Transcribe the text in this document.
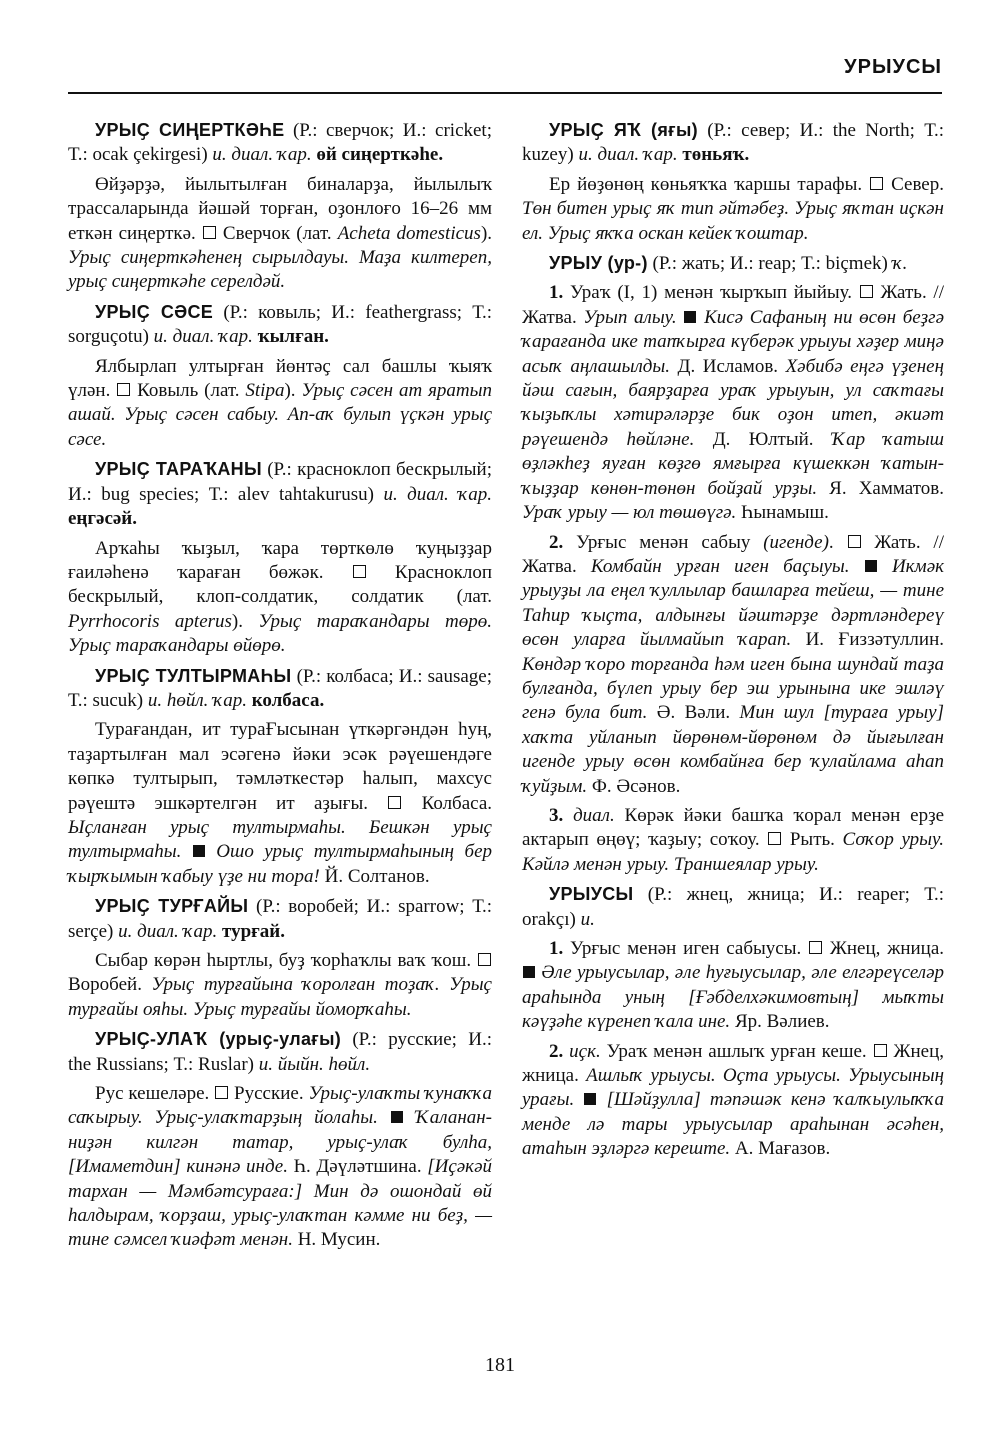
УРЫУСЫ

УРЫҪ СИҢЕРТКӘҺЕ (Р.: сверчок; И.: cricket; Т.: ocak çekirgesi) и. диал. ҡар. өй сиңерткәһе.

Өйҙәрҙә, йылытылған биналарҙа, йылылыҡ трассаларында йәшәй торған, оҙонлоғо 16–26 мм еткән сиңерткә.  Сверчок (лат. Acheta domesticus). Урыҫ сиңерткәһенең сырылдауы. Маҙа килтереп, урыҫ сиңерткәһе серелдәй.

УРЫҪ СӘСЕ (Р.: ковыль; И.: feathergrass; Т.: sorguçotu) и. диал. ҡар. ҡылған.

Ялбырлап ултырған йөнтәҫ сал башлы ҡыяҡ үлән.  Ковыль (лат. Stipa). Урыҫ сәсен ат яратып ашай. Урыҫ сәсен сабыу. Ап-аҡ булып үҫкән урыҫ сәсе.

УРЫҪ ТАРАҠАНЫ (Р.: красноклоп бескрылый; И.: bug species; Т.: alev tahtakurusu) и. диал. ҡар. еңгәсәй.

Арҡаһы ҡыҙыл, ҡара төрткөлө ҡуңыҙҙар ғаиләһенә ҡараған бөжәк.  Красноклоп бескрылый, клоп-солдатик, солдатик (лат. Pyrrhocoris apterus). Урыҫ тараҡандары төрө. Урыҫ тараҡандары өйөрө.

УРЫҪ ТУЛТЫРМАҺЫ (Р.: колбаса; И.: sausage; Т.: sucuk) и. һөйл. ҡар. колбаса.

Турағандан, ит тураҒысынан үткәргәндән һуң, таҙартылған мал эсәгенә йәки эсәк рәүешендәге көпкә тултырып, тәмләткестәр һалып, махсус рәүештә эшкәртелгән ит аҙығы.  Колбаса. Ыҫланған урыҫ тултырмаһы. Бешкән урыҫ тултырмаһы.  Ошо урыҫ тултырмаһының бер ҡырҡымын ҡабыу үҙе ни тора! Й. Солтанов.

УРЫҪ ТУРҒАЙЫ (Р.: воробей; И.: sparrow; Т.: serçe) и. диал. ҡар. турғай.

Сыбар көрән һыртлы, буҙ ҡорһаҡлы ваҡ ҡош.  Воробей. Урыҫ турғайына ҡоролған тоҙаҡ. Урыҫ турғайы ояһы. Урыҫ турғайы йоморҡаһы.

УРЫҪ-УЛАҠ (урыҫ-улағы) (Р.: русские; И.: the Russians; Т.: Ruslar) и. йыйн. һөйл.

Рус кешеләре.  Русские. Урыҫ-улаҡты ҡунаҡҡа саҡырыу. Урыҫ-улаҡтарҙың йолаһы.  Ҡаланан-ниҙән килгән татар, урыҫ-улаҡ булһа, [Имаметдин] кинәнә инде. Һ. Дәүләтшина. [Иҫәкәй тархан — Мәмбәтсураға:] Мин дә ошондай өй һалдырам, ҡорҙаш, урыҫ-улаҡтан кәмме ни беҙ, — тине сәмсел ҡиәфәт менән. Н. Мусин.

УРЫҪ ЯҠ (яғы) (Р.: север; И.: the North; Т.: kuzey) и. диал. ҡар. төньяҡ.

Ер йөҙөнөң көньяҡҡа ҡаршы тарафы.  Север. Төн битен урыҫ яҡ тип әйтәбеҙ. Урыҫ яҡтан иҫкән ел. Урыҫ яҡҡа оскан кейек ҡоштар.

УРЫУ (ур-) (Р.: жать; И.: reap; Т.: biçmek) ҡ.

1. Ураҡ (I, 1) менән ҡырҡып йыйыу.  Жать. // Жатва. Урып алыу.  Кисә Сафаның ни өсөн беҙгә ҡарағанда ике тапҡырға күберәк урыуы хәҙер миңә асыҡ аңлашылды. Д. Исламов. Хәбибә еңгә үҙенең йәш сағын, баярҙарға ураҡ урыуын, ул саҡтағы ҡыҙыҡлы хәтирәләрҙе бик оҙон итеп, әкиәт рәүешендә һөйләне. Д. Юлтый. Ҡар ҡатыш өҙләкһеҙ яуған көҙгө ямғырға күшеккән ҡатын-ҡыҙҙар көнөн-төнөн бойҙай урҙы. Я. Хамматов. Ураҡ урыу — юл төшөүгә. Һынамыш.

2. Урғыс менән сабыу (игенде).  Жать. // Жатва. Комбайн урған иген баҫыуы.  Икмәк урыуҙы ла еңел ҡуллылар башларға тейеш, — тине Таһир ҡыҫта, алдынғы йәштәрҙе дәртләндереү өсөн уларға йылмайып ҡарап. И. Ғиззәтуллин. Көндәр ҡоро торғанда һәм иген бына шундай таҙа булғанда, бүлеп урыу бер эш урынына ике эшләү генә була бит. Ә. Вәли. Мин шул [тураға урыу] хаҡта уйланып йөрөнөм-йөрөнөм дә йығылған игенде урыу өсөн комбайнға бер ҡулайлама аһап ҡуйҙым. Ф. Әсәнов.

3. диал. Көрәк йәки башҡа ҡорал менән ерҙе актарып өңөү; ҡаҙыу; соҡоу.  Рыть. Соҡор урыу. Кәйлә менән урыу. Траншеялар урыу.

УРЫУСЫ (Р.: жнец, жница; И.: reaper; Т.: orakçı) и.

1. Урғыс менән иген сабыусы.  Жнец, жница.  Әле урыусылар, әле һуғыусылар, әле елгәреүселәр араһында уның [Ғәбделхәкимовтың] мыҡты кәүҙәһе күренеп ҡала ине. Яр. Вәлиев.

2. иҫк. Ураҡ менән ашлыҡ урған кеше.  Жнец, жница. Ашлыҡ урыусы. Оҫта урыусы. Урыусының урағы.  [Шәйҙулла] тәпәшәк кенә ҡалҡыулыҡҡа менде лә тары урыусылар араһынан әсәһен, атаһын эҙләргә кереште. А. Мағазов.

181
